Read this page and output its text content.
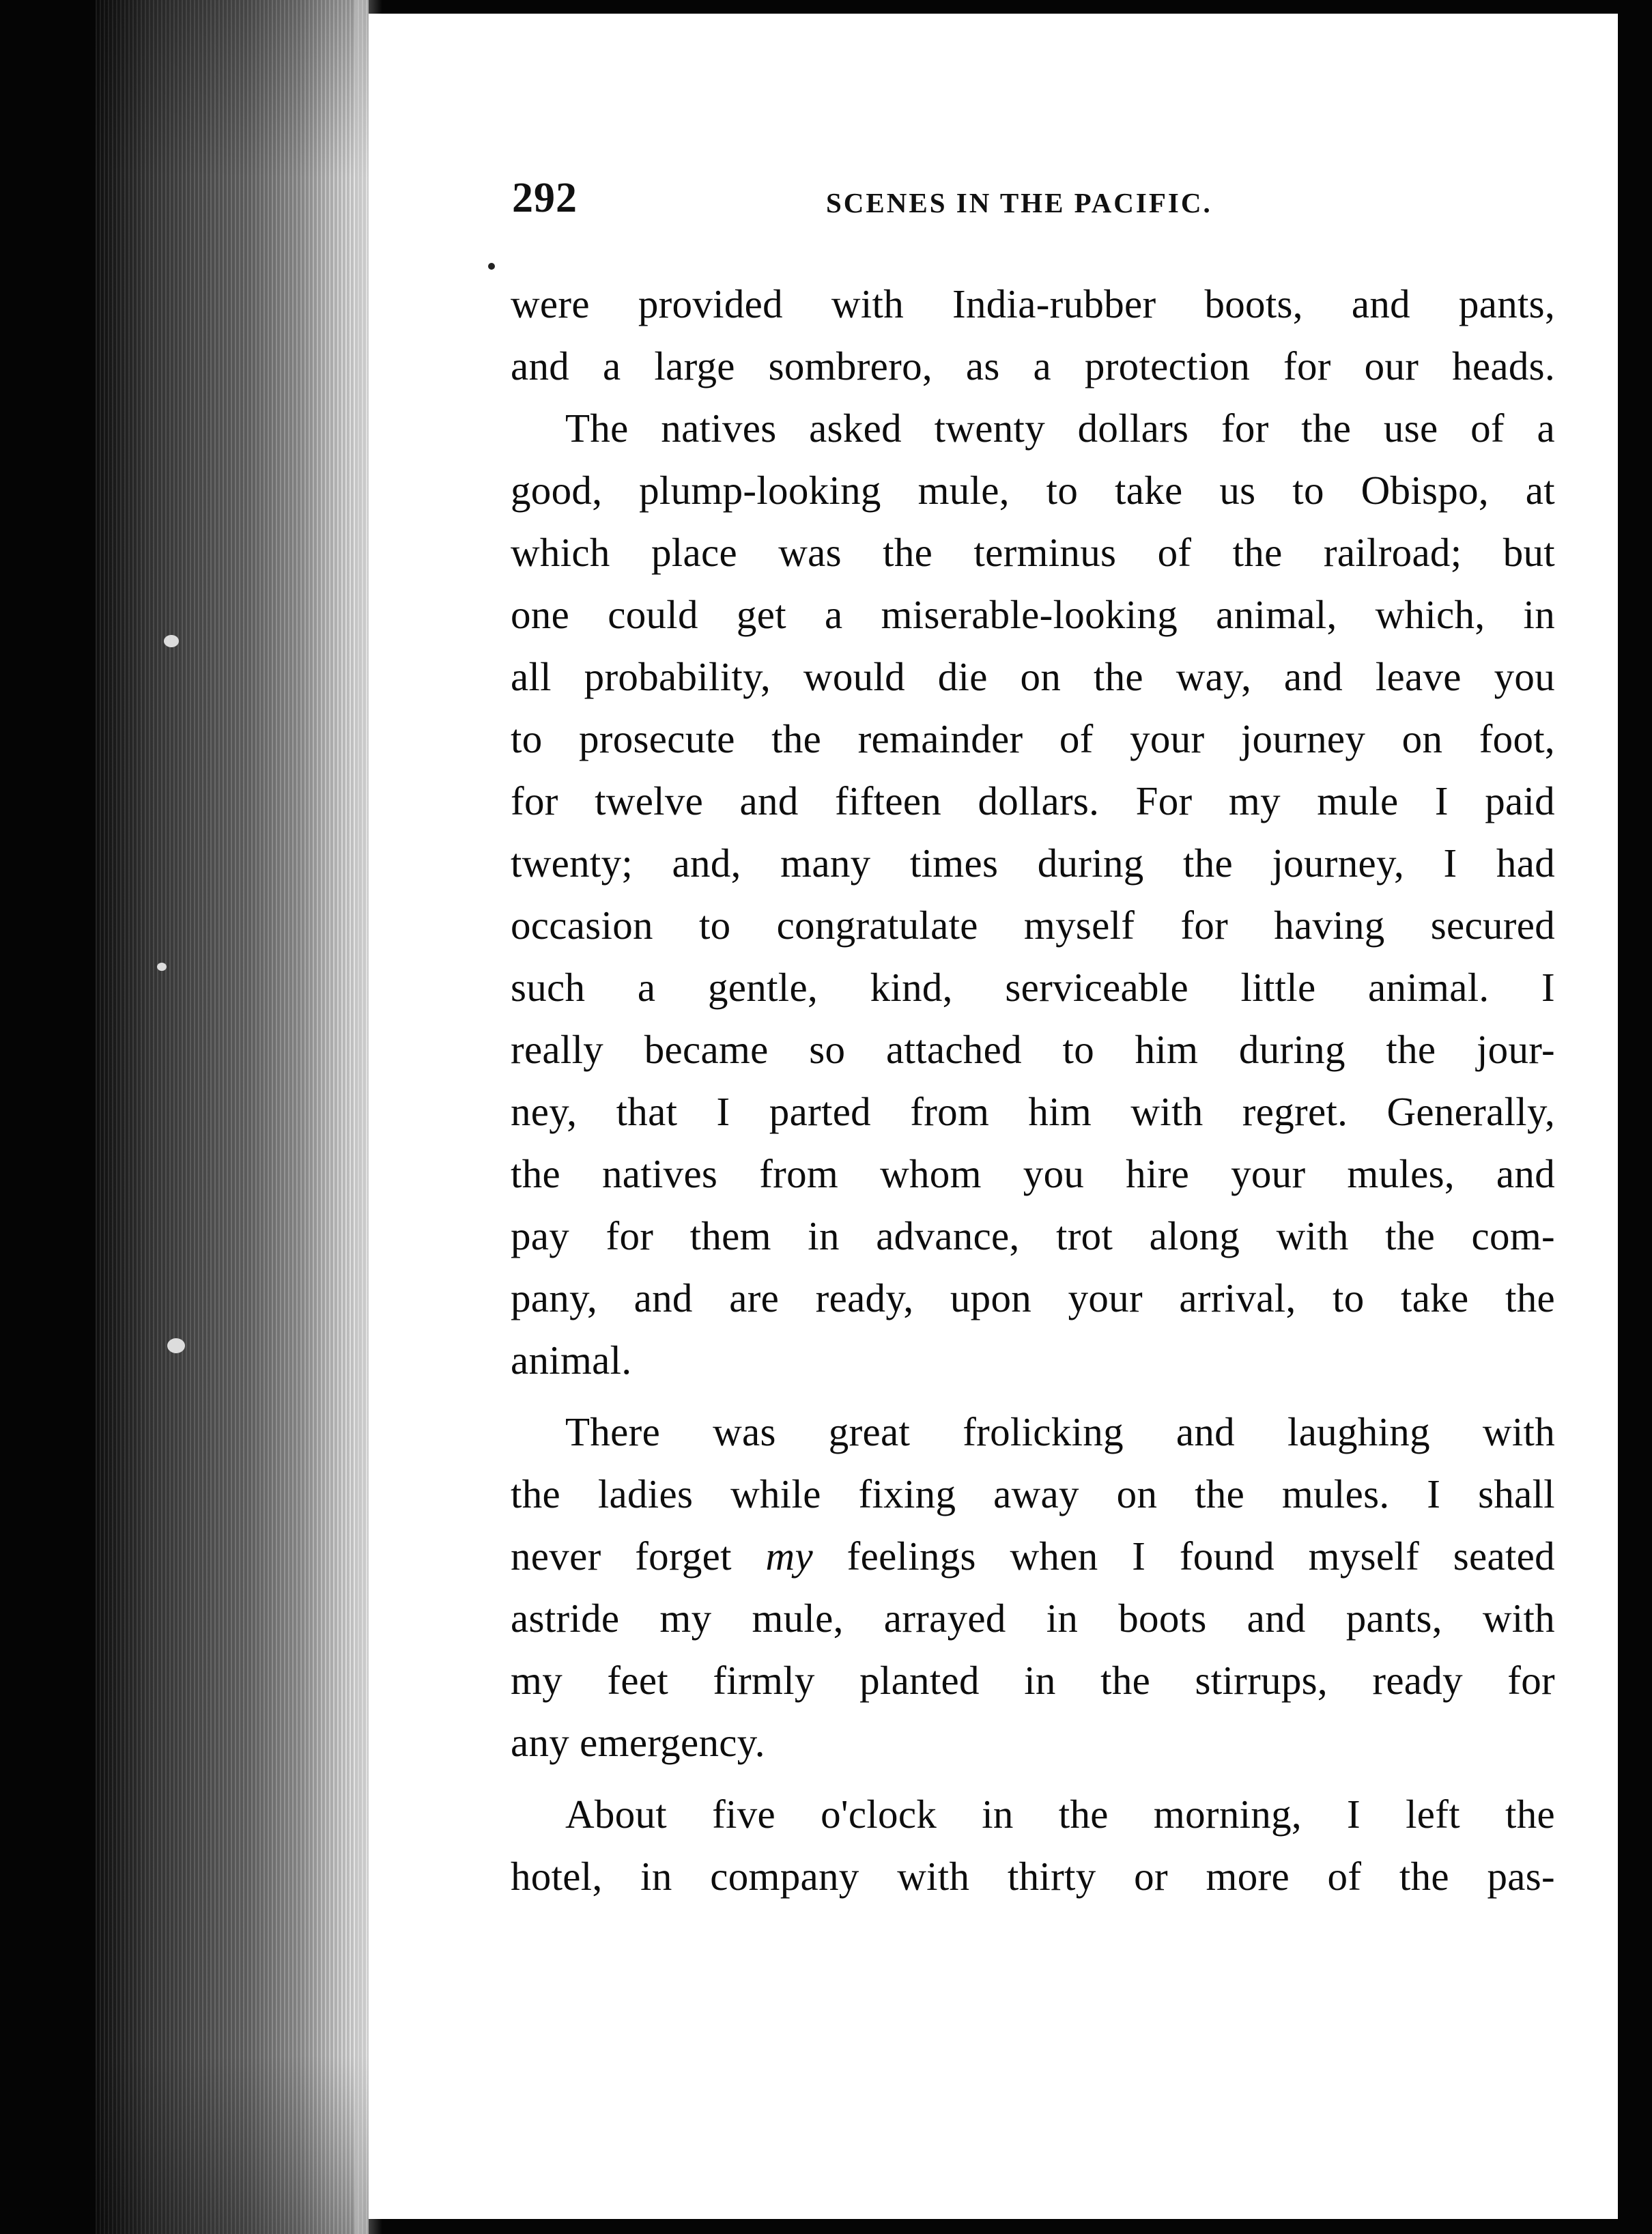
292	SCENES IN THE PACIFIC.
were provided with India-rubber boots, and pants,
and a large sombrero, as a protection for our heads.
The natives asked twenty dollars for the use of a
good, plump-looking mule, to take us to Obispo, at
which place was the terminus of the railroad; but
one could get a miserable-looking animal, which, in
all probability, would die on the way, and leave you
to prosecute the remainder of your journey on foot,
for twelve and fifteen dollars. For my mule I paid
twenty; and, many times during the journey, I had
occasion to congratulate myself for having secured
such a gentle, kind, serviceable little animal. I
really became so attached to him during the jour-
ney, that I parted from him with regret. Generally,
the natives from whom you hire your mules, and
pay for them in advance, trot along with the com-
pany, and are ready, upon your arrival, to take the
animal.
There was great frolicking and laughing with
the ladies while fixing away on the mules. I shall
never forget my feelings when I found myself seated
astride my mule, arrayed in boots and pants, with
my feet firmly planted in the stirrups, ready for
any emergency.
About five o'clock in the morning, I left the
hotel, in company with thirty or more of the pas-
